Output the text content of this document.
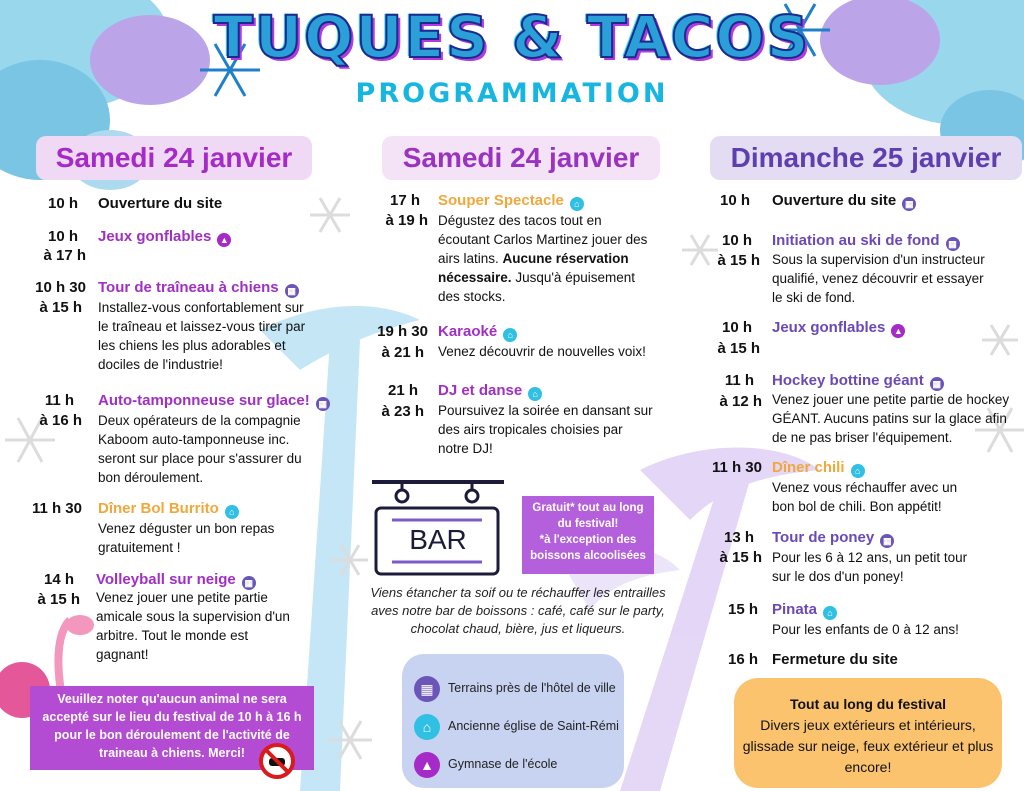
TUQUES & TACOS
PROGRAMMATION
Samedi 24 janvier	Samedi 24 janvier	Dimanche 25 janvier
10 h Ouverture du site
10 h
à 17 h
Jeux gonflables ▲
10 h 30
à 15 h
Tour de traîneau à chiens ▦
Installez-vous confortablement sur le traîneau et laissez-vous tirer par les chiens les plus adorables et dociles de l'industrie!
11 h
à 16 h
Auto-tamponneuse sur glace! ▦
Deux opérateurs de la compagnie Kaboom auto-tamponneuse inc. seront sur place pour s'assurer du bon déroulement.
11 h 30 Dîner Bol Burrito ⌂
Venez déguster un bon repas gratuitement !
14 h
à 15 h
Volleyball sur neige ▦
Venez jouer une petite partie amicale sous la supervision d'un arbitre. Tout le monde est gagnant!
17 h
à 19 h
Souper Spectacle ⌂
Dégustez des tacos tout en écoutant Carlos Martinez jouer des airs latins. Aucune réservation nécessaire. Jusqu'à épuisement des stocks.
19 h 30
à 21 h
Karaoké ⌂
Venez découvrir de nouvelles voix!
21 h
à 23 h
DJ et danse ⌂
Poursuivez la soirée en dansant sur des airs tropicales choisies par notre DJ!
BAR
Gratuit* tout au long du festival!
*à l'exception des boissons alcoolisées
Viens étancher ta soif ou te réchauffer les entrailles aves notre bar de boissons : café, café sur le party, chocolat chaud, bière, jus et liqueurs.
▦ Terrains près de l'hôtel de ville
⌂ Ancienne église de Saint-Rémi
▲ Gymnase de l'école
10 h Ouverture du site ▦
10 h
à 15 h
Initiation au ski de fond ▦
Sous la supervision d'un instructeur qualifié, venez découvrir et essayer le ski de fond.
10 h
à 15 h
Jeux gonflables ▲
11 h
à 12 h
Hockey bottine géant ▦
Venez jouer une petite partie de hockey GÉANT. Aucuns patins sur la glace afin de ne pas briser l'équipement.
11 h 30 Dîner chili ⌂
Venez vous réchauffer avec un bon bol de chili. Bon appétit!
13 h
à 15 h
Tour de poney ▦
Pour les 6 à 12 ans, un petit tour sur le dos d'un poney!
15 h Pinata ⌂
Pour les enfants de 0 à 12 ans!
16 h Fermeture du site
Tout au long du festival
Divers jeux extérieurs et intérieurs, glissade sur neige, feux extérieur et plus encore!
Veuillez noter qu'aucun animal ne sera accepté sur le lieu du festival de 10 h à 16 h pour le bon déroulement de l'activité de traineau à chiens. Merci!
